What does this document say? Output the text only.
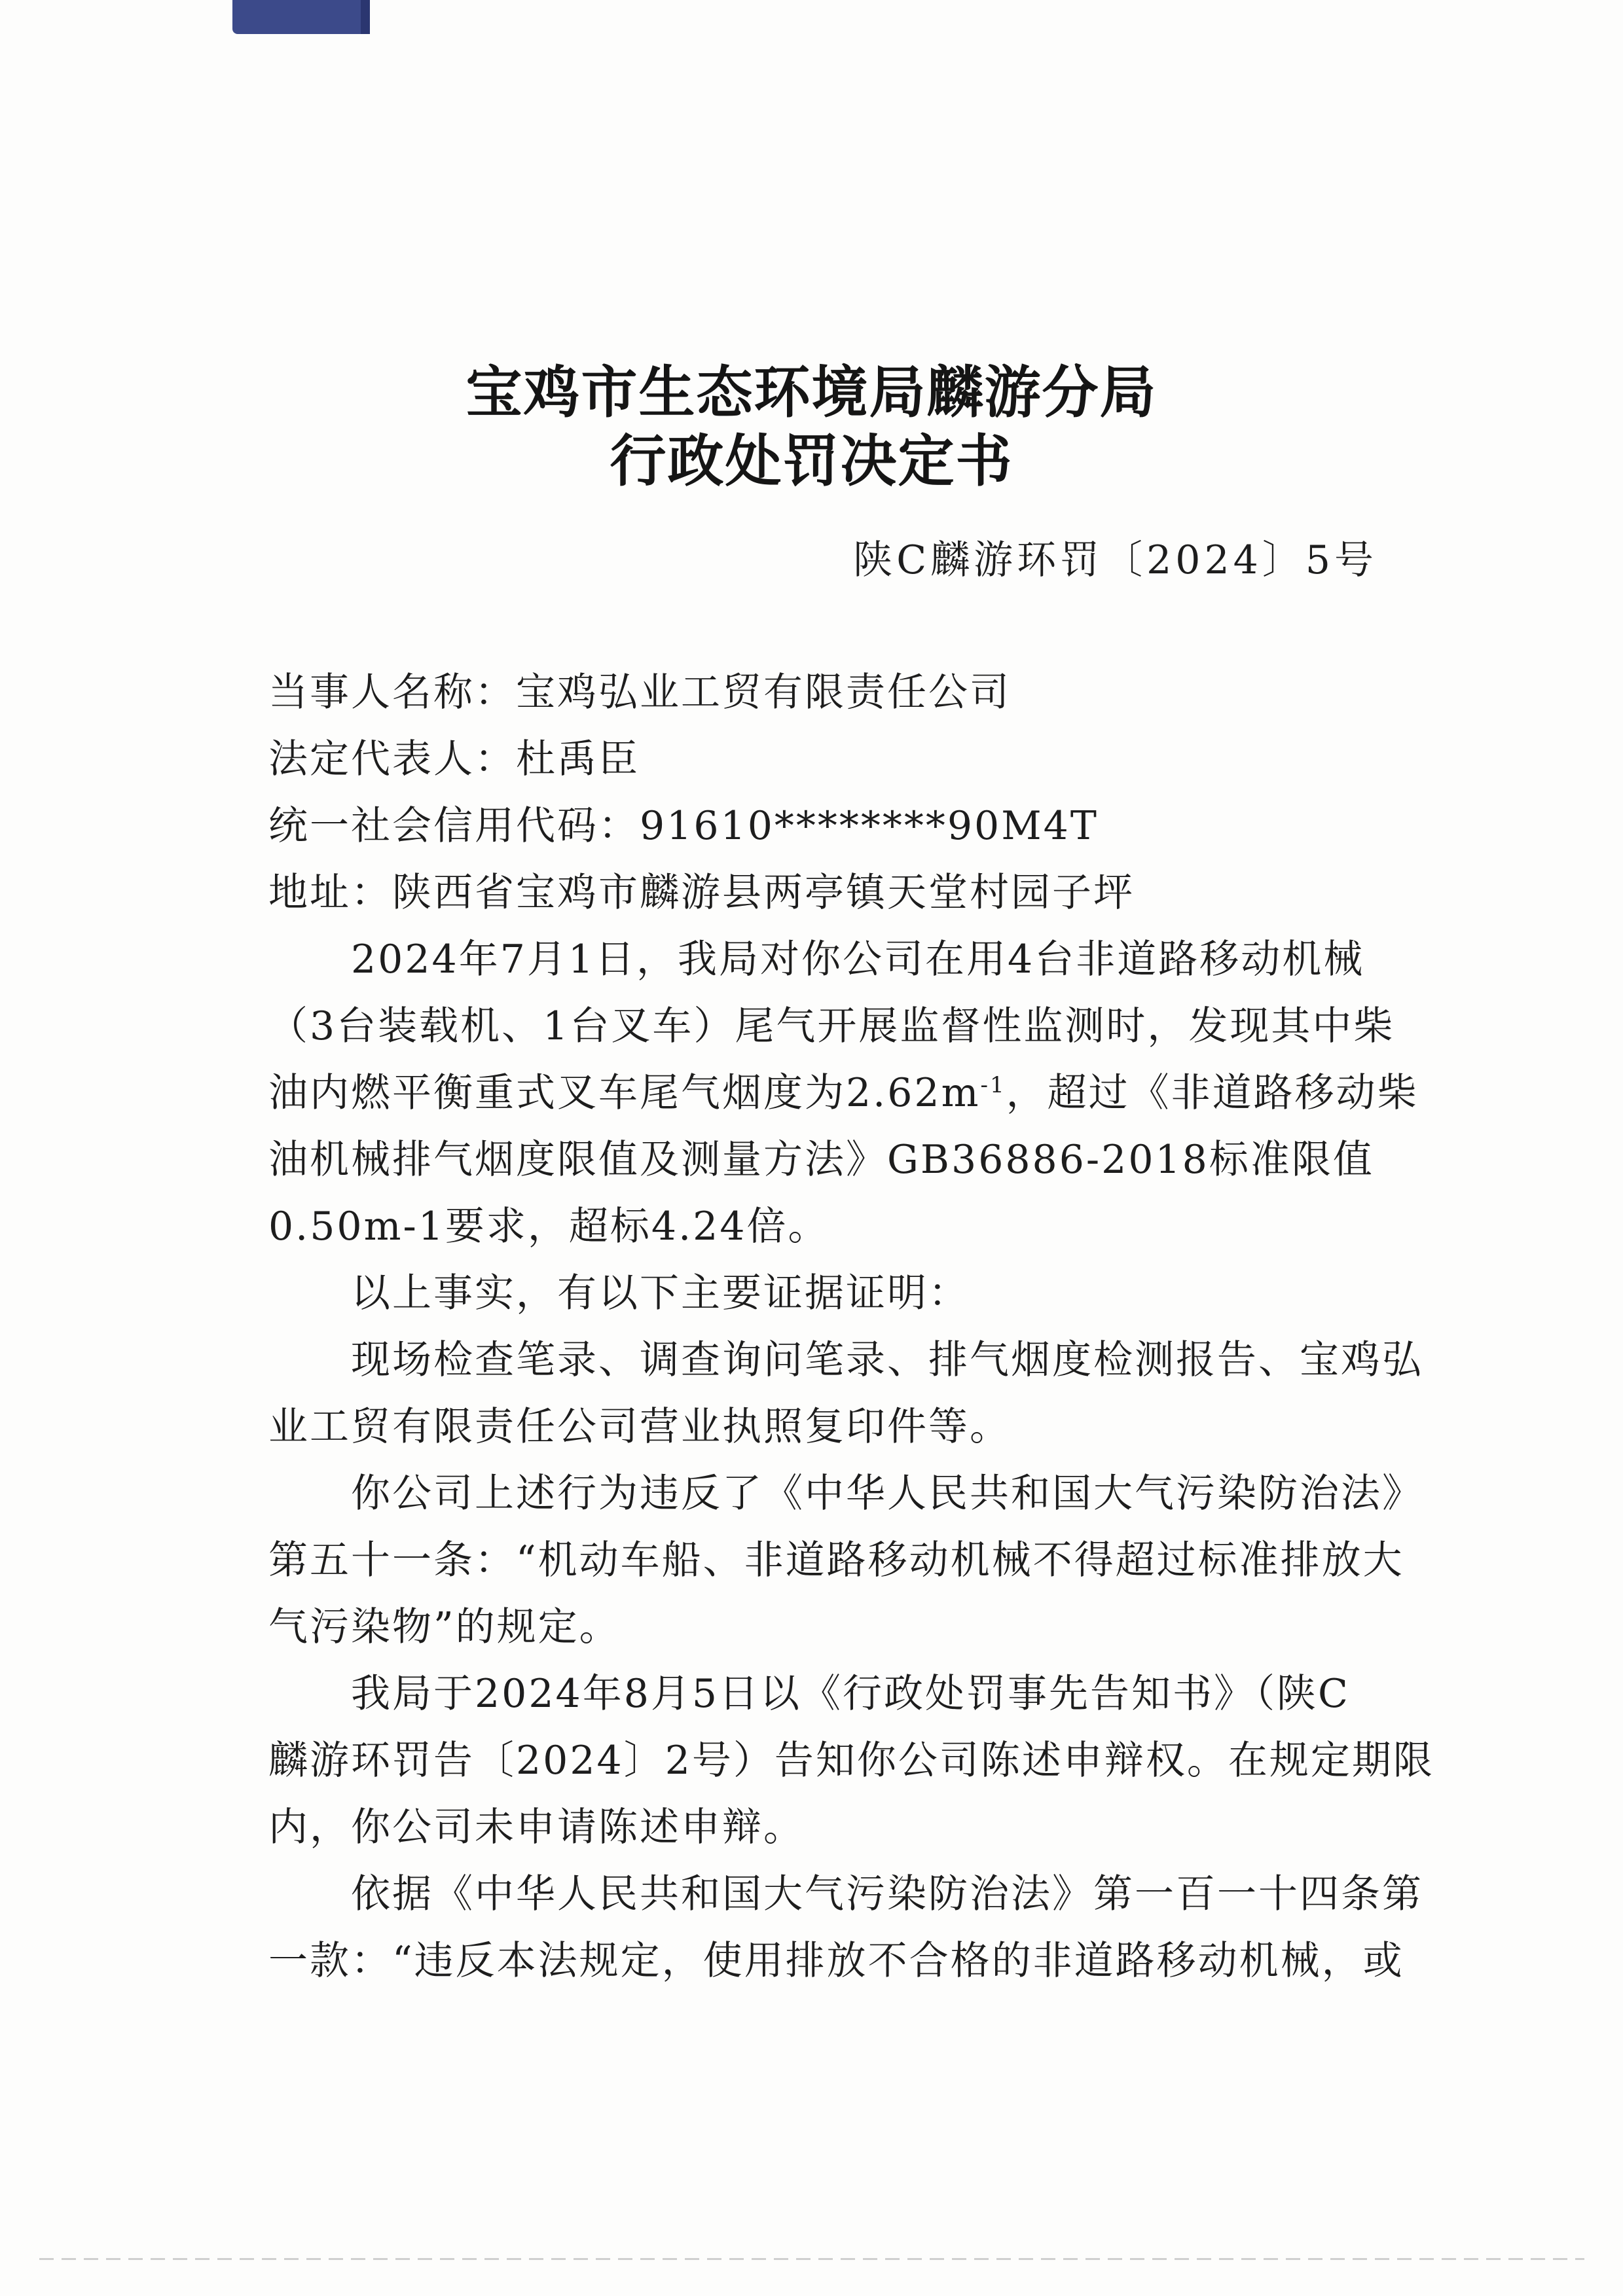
宝鸡市生态环境局麟游分局
行政处罚决定书
陕C麟游环罚〔2024〕5号
当事人名称：宝鸡弘业工贸有限责任公司
法定代表人：杜禹臣
统一社会信用代码：91610********90M4T
地址：陕西省宝鸡市麟游县两亭镇天堂村园子坪
2024年7月1日，我局对你公司在用4台非道路移动机械
（3台装载机、1台叉车）尾气开展监督性监测时，发现其中柴
油内燃平衡重式叉车尾气烟度为$2.62m^{-1}$，超过《非道路移动柴
油机械排气烟度限值及测量方法》GB36886-2018标准限值
0.50m-1要求，超标4.24倍。
以上事实，有以下主要证据证明：
现场检查笔录、调查询问笔录、排气烟度检测报告、宝鸡弘
业工贸有限责任公司营业执照复印件等。
你公司上述行为违反了《中华人民共和国大气污染防治法》
第五十一条：“机动车船、非道路移动机械不得超过标准排放大
气污染物”的规定。
我局于2024年8月5日以《行政处罚事先告知书》（陕C
麟游环罚告〔2024〕2号）告知你公司陈述申辩权。在规定期限
内，你公司未申请陈述申辩。
依据《中华人民共和国大气污染防治法》第一百一十四条第
一款：“违反本法规定，使用排放不合格的非道路移动机械，或
